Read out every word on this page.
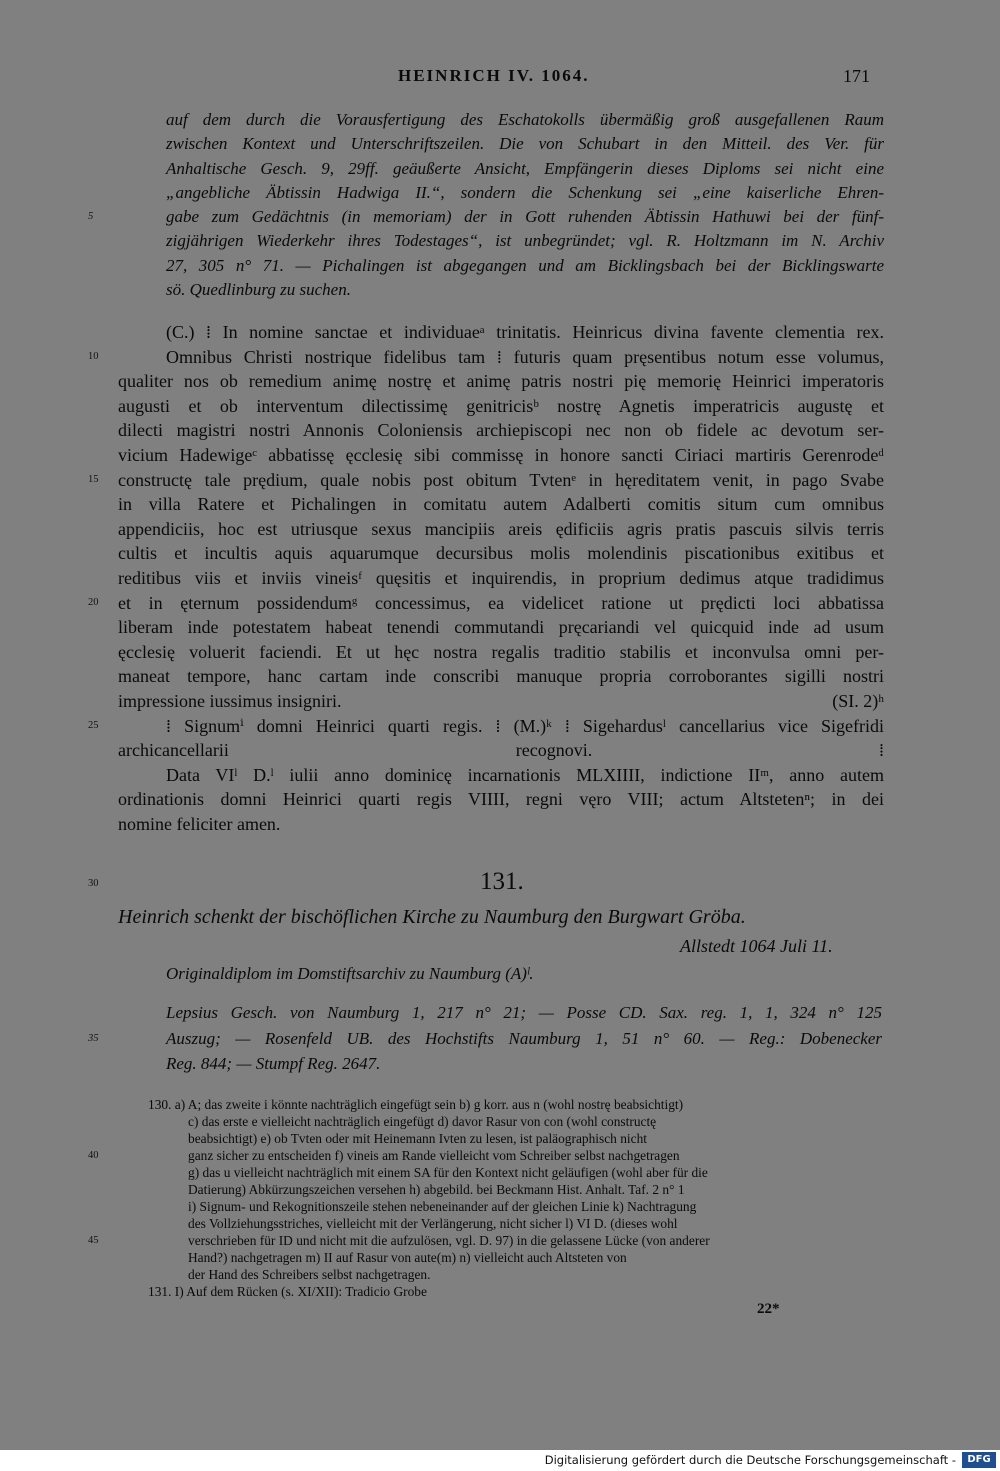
HEINRICH IV. 1064.	171
auf dem durch die Vorausfertigung des Eschatokolls übermäßig groß ausgefallenen Raum
zwischen Kontext und Unterschriftszeilen. Die von Schubart in den Mitteil. des Ver. für
Anhaltische Gesch. 9, 29ff. geäußerte Ansicht, Empfängerin dieses Diploms sei nicht eine
„angebliche Äbtissin Hadwiga II.“, sondern die Schenkung sei „eine kaiserliche Ehren-
5	gabe zum Gedächtnis (in memoriam) der in Gott ruhenden Äbtissin Hathuwi bei der fünf-
zigjährigen Wiederkehr ihres Todestages“, ist unbegründet; vgl. R. Holtzmann im N. Archiv
27, 305 n° 71. — Pichalingen ist abgegangen und am Bicklingsbach bei der Bicklingswarte
sö. Quedlinburg zu suchen.
(C.) ⁞ In nomine sanctae et individuaeᵃ trinitatis. Heinricus divina favente clementia rex.
10	Omnibus Christi nostrique fidelibus tam ⁞ futuris quam pręsentibus notum esse volumus,
qualiter nos ob remedium animę nostrę et animę patris nostri pię memorię Heinrici imperatoris
augusti et ob interventum dilectissimę genitricisᵇ nostrę Agnetis imperatricis augustę et
dilecti magistri nostri Annonis Coloniensis archiepiscopi nec non ob fidele ac devotum ser-
vicium Hadewigeᶜ abbatissę ęcclesię sibi commissę in honore sancti Ciriaci martiris Gerenrodeᵈ
15 constructę tale prędium, quale nobis post obitum Tvtenᵉ in hęreditatem venit, in pago Svabe
in villa Ratere et Pichalingen in comitatu autem Adalberti comitis situm cum omnibus
appendiciis, hoc est utriusque sexus mancipiis areis ędificiis agris pratis pascuis silvis terris
cultis et incultis aquis aquarumque decursibus molis molendinis piscationibus exitibus et
reditibus viis et inviis vineisᶠ quęsitis et inquirendis, in proprium dedimus atque tradidimus
20 et in ęternum possidendumᵍ concessimus, ea videlicet ratione ut prędicti loci abbatissa
liberam inde potestatem habeat tenendi commutandi pręcariandi vel quicquid inde ad usum
ęcclesię voluerit faciendi. Et ut hęc nostra regalis traditio stabilis et inconvulsa omni per-
maneat tempore, hanc cartam inde conscribi manuque propria corroborantes sigilli nostri
impressione iussimus insigniri.	(SI. 2)ʰ
25	⁞ Signumⁱ domni Heinrici quarti regis. ⁞ (M.)ᵏ ⁞ Sigehardusˡ cancellarius vice Sigefridi
archicancellarii recognovi. ⁞
Data VIˡ D.ˡ iulii anno dominicę incarnationis MLXIIII, indictione IIᵐ, anno autem
ordinationis domni Heinrici quarti regis VIIII, regni vęro VIII; actum Altstetenⁿ; in dei
nomine feliciter amen.
30	131.
Heinrich schenkt der bischöflichen Kirche zu Naumburg den Burgwart Gröba.
Allstedt 1064 Juli 11.
Originaldiplom im Domstiftsarchiv zu Naumburg (A)ˡ.
Lepsius Gesch. von Naumburg 1, 217 n° 21; — Posse CD. Sax. reg. 1, 1, 324 n° 125
35	Auszug; — Rosenfeld UB. des Hochstifts Naumburg 1, 51 n° 60. — Reg.: Dobenecker
Reg. 844; — Stumpf Reg. 2647.
130. a) A; das zweite i könnte nachträglich eingefügt sein b) g korr. aus n (wohl nostrę beabsichtigt)
c) das erste e vielleicht nachträglich eingefügt d) davor Rasur von con (wohl constructę
beabsichtigt) e) ob Tvten oder mit Heinemann Ivten zu lesen, ist paläographisch nicht
40	ganz sicher zu entscheiden f) vineis am Rande vielleicht vom Schreiber selbst nachgetragen
g) das u vielleicht nachträglich mit einem SA für den Kontext nicht geläufigen (wohl aber für die
Datierung) Abkürzungszeichen versehen h) abgebild. bei Beckmann Hist. Anhalt. Taf. 2 n° 1
i) Signum- und Rekognitionszeile stehen nebeneinander auf der gleichen Linie k) Nachtragung
des Vollziehungsstriches, vielleicht mit der Verlängerung, nicht sicher l) VI D. (dieses wohl
45	verschrieben für ID und nicht mit die aufzulösen, vgl. D. 97) in die gelassene Lücke (von anderer
Hand?) nachgetragen m) II auf Rasur von aute(m) n) vielleicht auch Altsteten von
der Hand des Schreibers selbst nachgetragen.
131. I) Auf dem Rücken (s. XI/XII): Tradicio Grobe
22*
Digitalisierung gefördert durch die Deutsche Forschungsgemeinschaft -	DFG
